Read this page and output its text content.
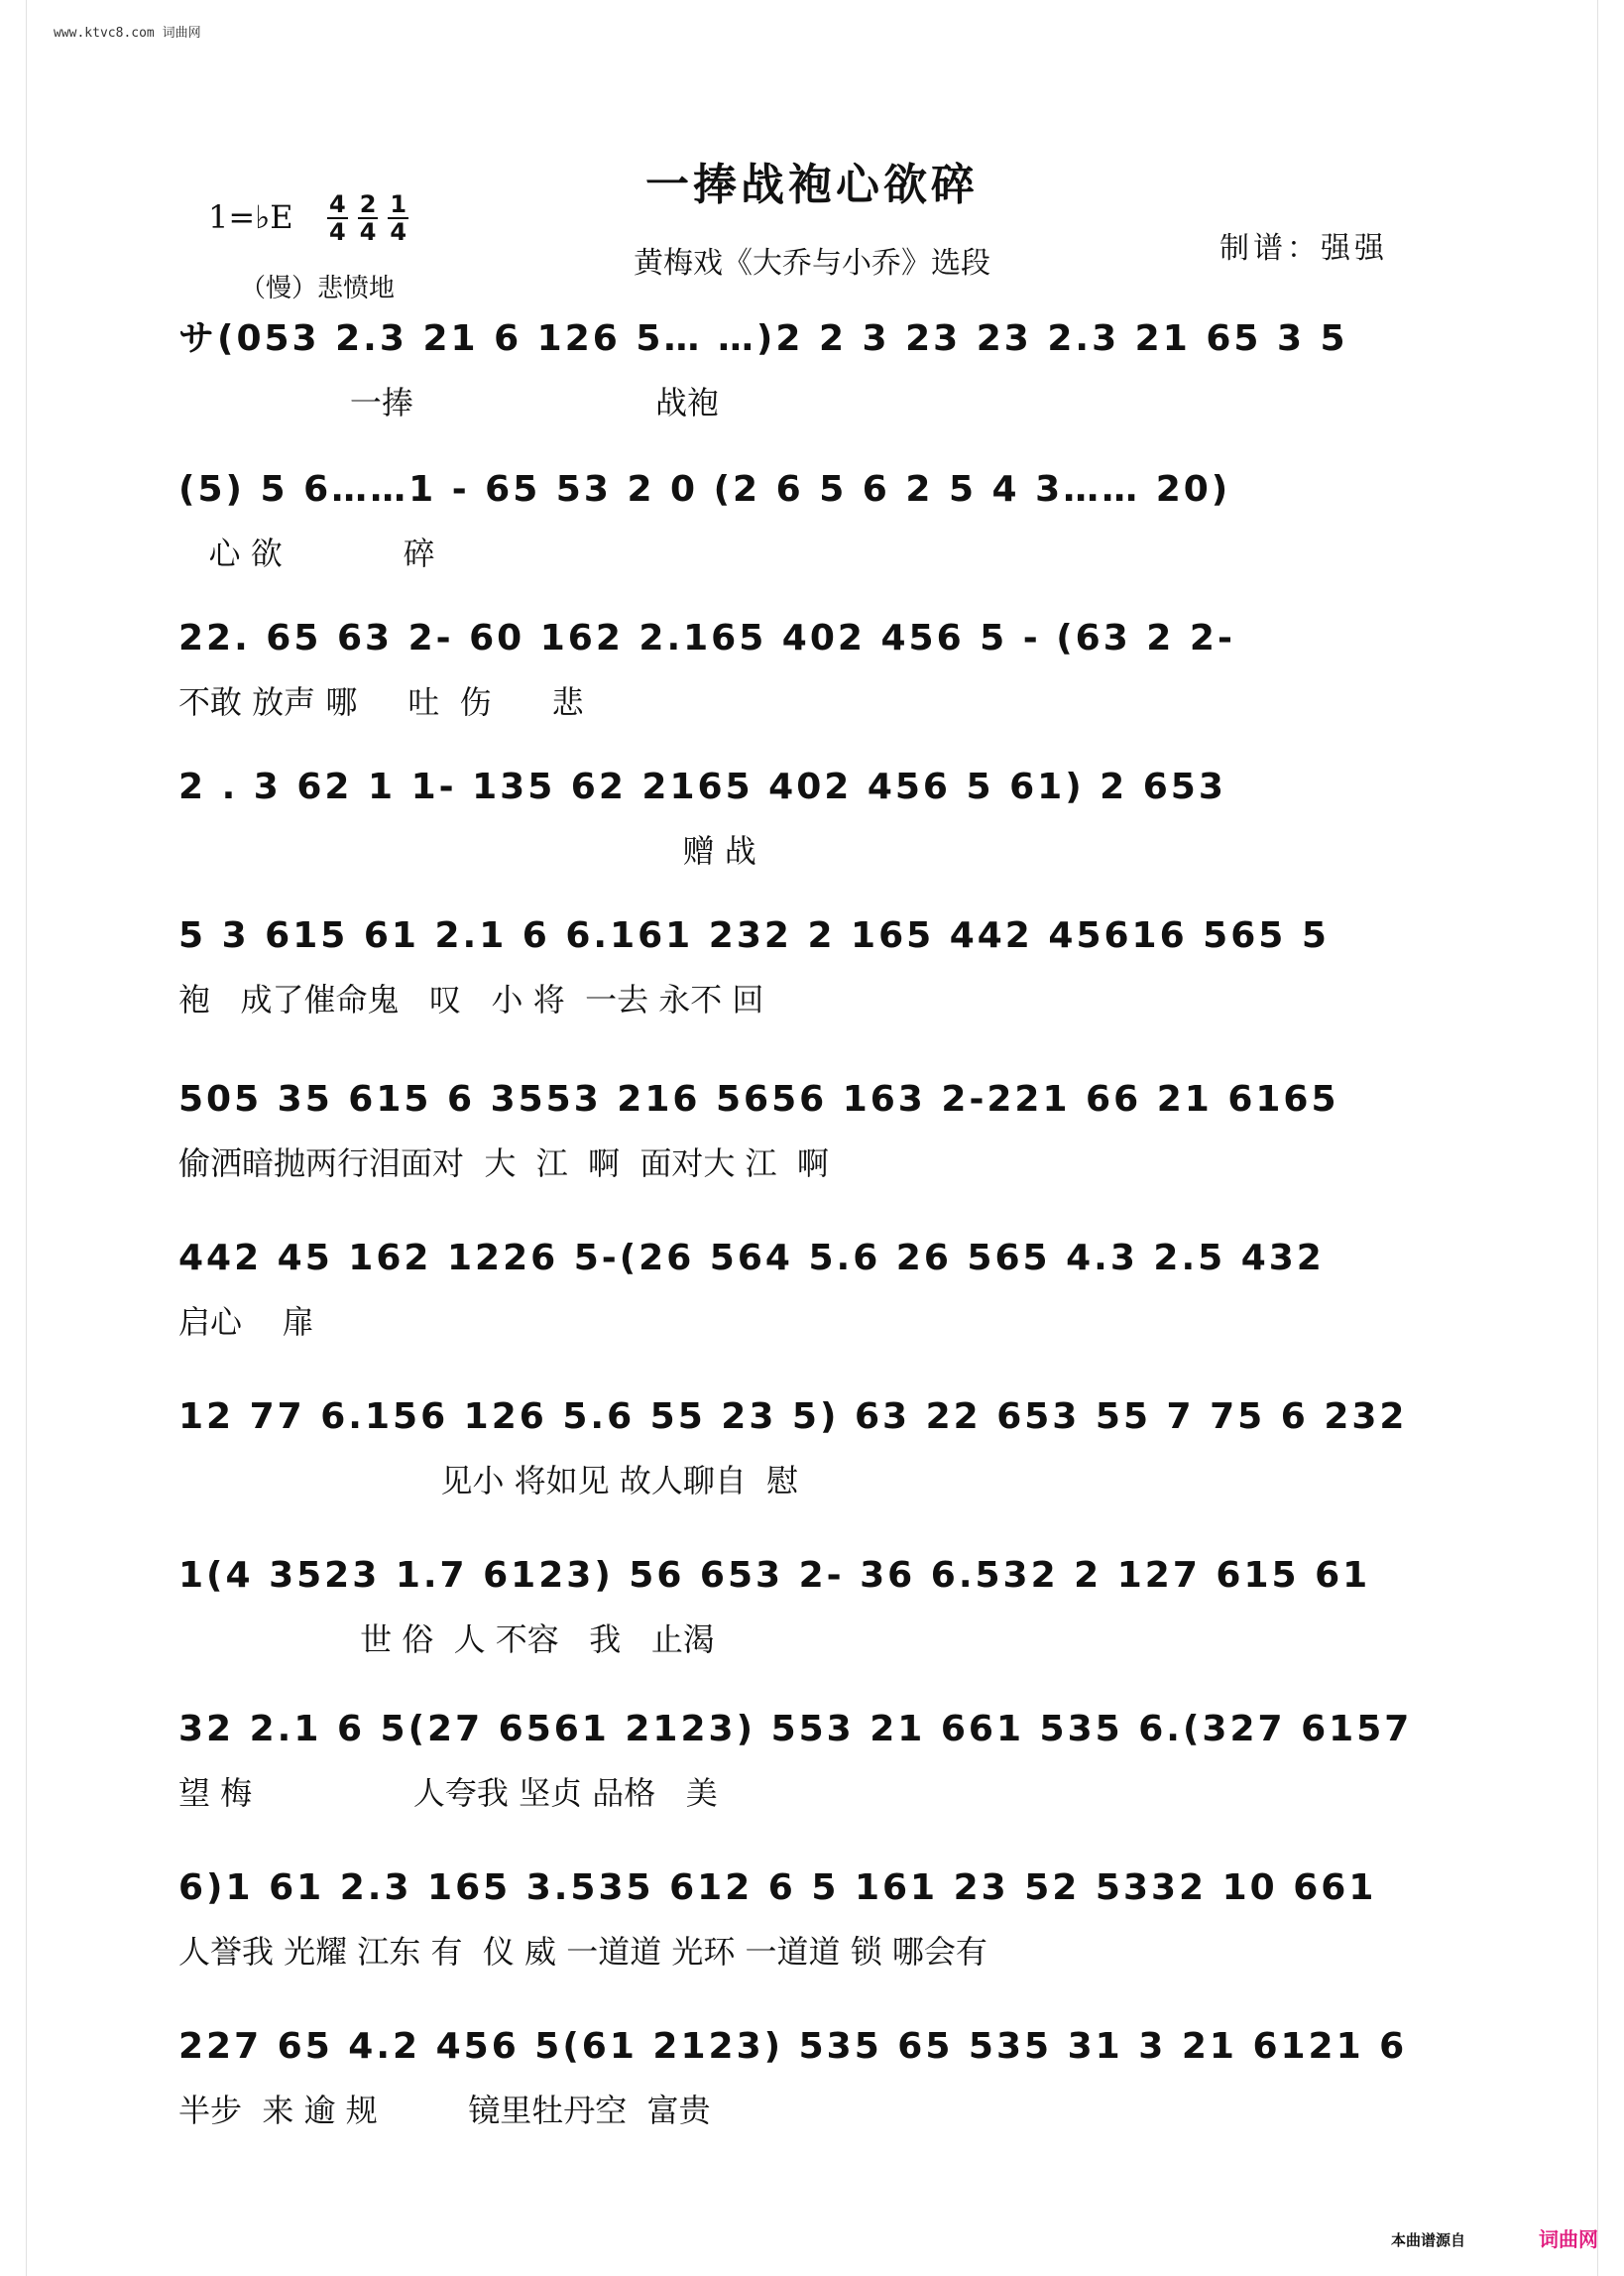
www.ktvc8.com 词曲网
一捧战袍心欲碎
1=♭E $\frac{4}{4} \frac{2}{4} \frac{1}{4}$
黄梅戏《大乔与小乔》选段	制谱：强强
（慢）悲愤地
サ(053 2.3 21 6 126 5… …)2 2 3 23 23 2.3 21 65 3 5
一捧                        战袍
(5) 5 6……1 - 65 53 2 0 (2 6 5 6 2 5 4 3…… 20)
心 欲            碎
22. 65 63 2- 60 162 2.165 402 456 5 - (63 2 2-
不敢 放声 哪     吐  伤      悲
2 . 3 62 1 1- 135 62 2165 402 456 5 61) 2 653
赠 战
5 3 615 61 2.1 6 6.161 232 2 165 442 45616 565 5
袍   成了催命鬼   叹   小 将  一去 永不 回
505 35 615 6 3553 216 5656 163 2-221 66 21 6165
偷洒暗抛两行泪面对  大  江  啊  面对大 江  啊
442 45 162 1226 5-(26 564 5.6 26 565 4.3 2.5 432
启心    扉
12 77 6.156 126 5.6 55 23 5) 63 22 653 55 7 75 6 232
见小 将如见 故人聊自  慰
1(4 3523 1.7 6123) 56 653 2- 36 6.532 2 127 615 61
世 俗  人 不容   我   止渴
32 2.1 6 5(27 6561 2123) 553 21 661 535 6.(327 6157
望 梅                人夸我 坚贞 品格   美
6)1 61 2.3 165 3.535 612 6 5 161 23 52 5332 10 661
人誉我 光耀 江东 有  仪 威 一道道 光环 一道道 锁 哪会有
227 65 4.2 456 5(61 2123) 535 65 535 31 3 21 6121 6
半步  来 逾 规         镜里牡丹空  富贵
本曲谱源自	词曲网
